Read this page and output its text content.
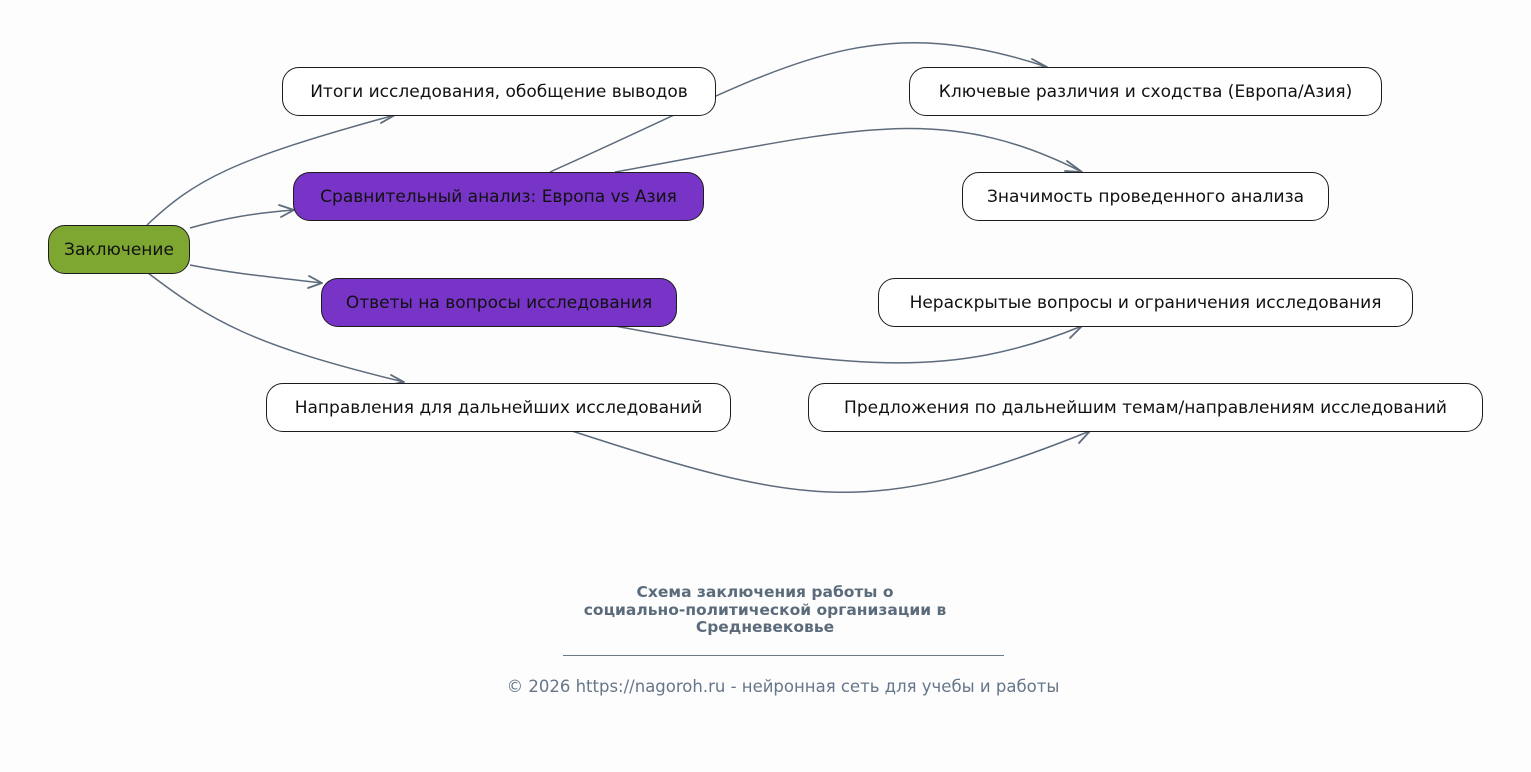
Заключение
Итоги исследования, обобщение выводов
Сравнительный анализ: Европа vs Азия
Ответы на вопросы исследования
Направления для дальнейших исследований
Ключевые различия и сходства (Европа/Азия)
Значимость проведенного анализа
Нераскрытые вопросы и ограничения исследования
Предложения по дальнейшим темам/направлениям исследований
Схема заключения работы о
социально-политической организации в
Средневековье
© 2026 https://nagoroh.ru - нейронная сеть для учебы и работы
